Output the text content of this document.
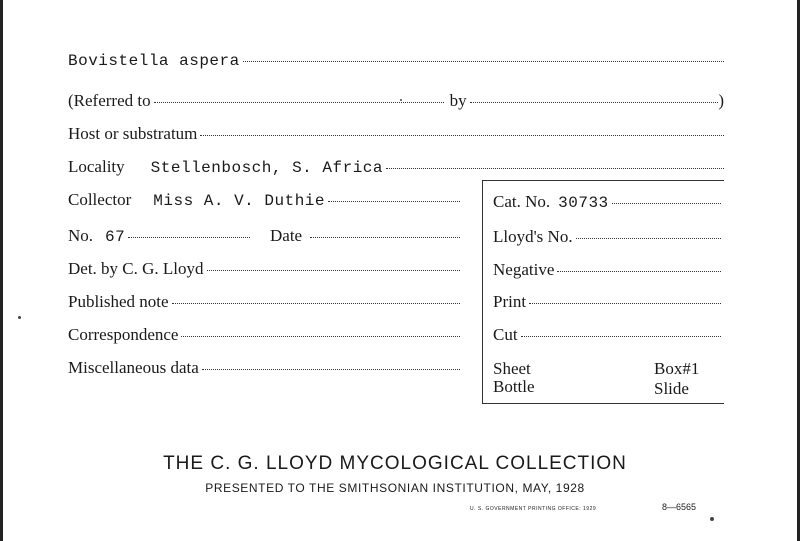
Bovistella aspera
(Referred to	by	)
Host or substratum
Locality Stellenbosch, S. Africa
Collector Miss A. V. Duthie
No. 67	Date
Det. by C. G. Lloyd
Published note
Correspondence
Miscellaneous data
Cat. No. 30733
Lloyd's No.
Negative
Print
Cut
Sheet
Bottle
Box#1
Slide
THE C. G. LLOYD MYCOLOGICAL COLLECTION
PRESENTED TO THE SMITHSONIAN INSTITUTION, MAY, 1928
U. S. GOVERNMENT PRINTING OFFICE: 1929	8—6565
